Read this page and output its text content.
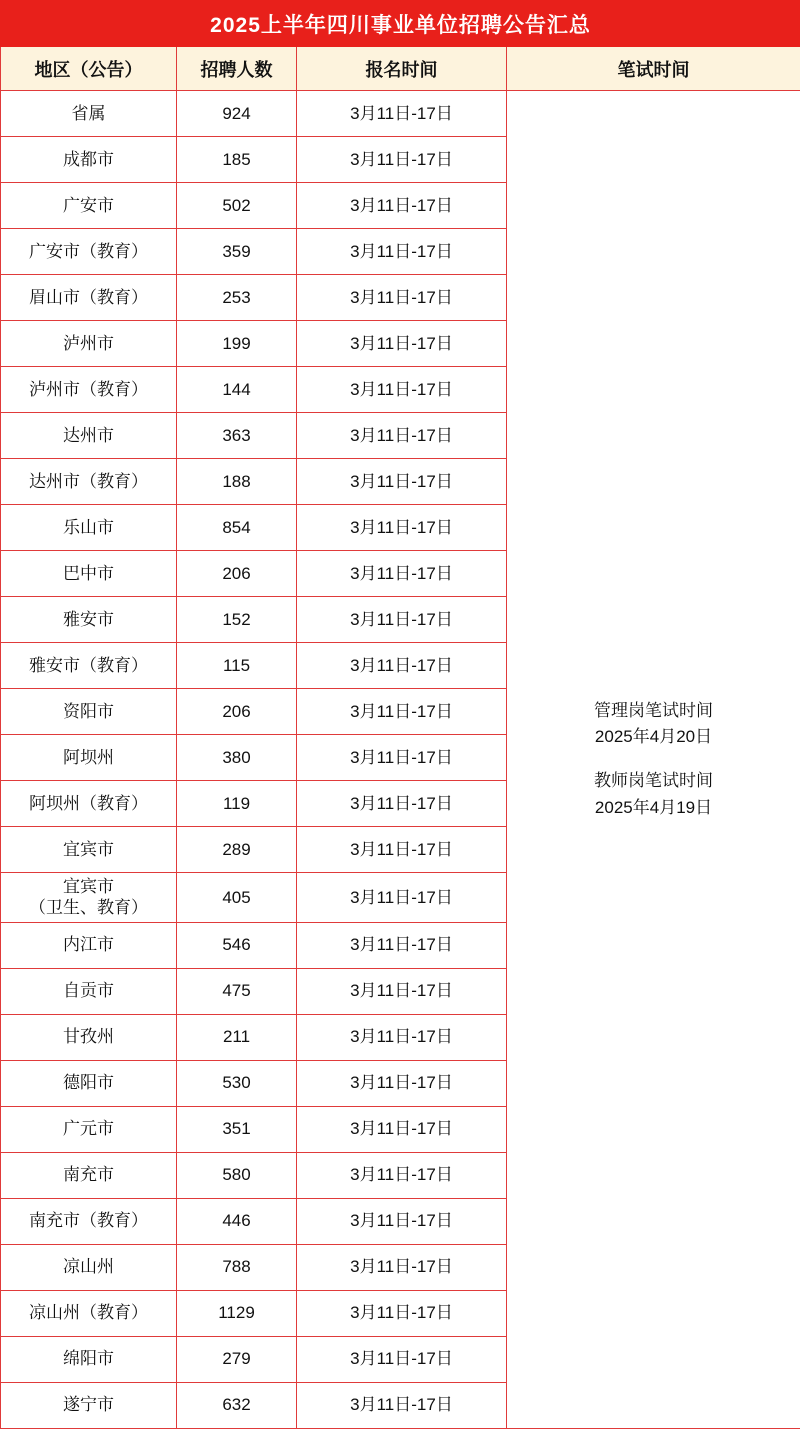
2025上半年四川事业单位招聘公告汇总			
地区（公告）	招聘人数	报名时间	笔试时间
省属	924	3月11日-17日	管理岗笔试时间
2025年4月20日
教师岗笔试时间
2025年4月19日

成都市	185	3月11日-17日	
广安市	502	3月11日-17日	
广安市（教育）	359	3月11日-17日	
眉山市（教育）	253	3月11日-17日	
泸州市	199	3月11日-17日	
泸州市（教育）	144	3月11日-17日	
达州市	363	3月11日-17日	
达州市（教育）	188	3月11日-17日	
乐山市	854	3月11日-17日	
巴中市	206	3月11日-17日	
雅安市	152	3月11日-17日	
雅安市（教育）	115	3月11日-17日	
资阳市	206	3月11日-17日	
阿坝州	380	3月11日-17日	
阿坝州（教育）	119	3月11日-17日	
宜宾市	289	3月11日-17日	
宜宾市
（卫生、教育）	405	3月11日-17日	
内江市	546	3月11日-17日	
自贡市	475	3月11日-17日	
甘孜州	211	3月11日-17日	
德阳市	530	3月11日-17日	
广元市	351	3月11日-17日	
南充市	580	3月11日-17日	
南充市（教育）	446	3月11日-17日	
凉山州	788	3月11日-17日	
凉山州（教育）	1129	3月11日-17日	
绵阳市	279	3月11日-17日	
遂宁市	632	3月11日-17日	
